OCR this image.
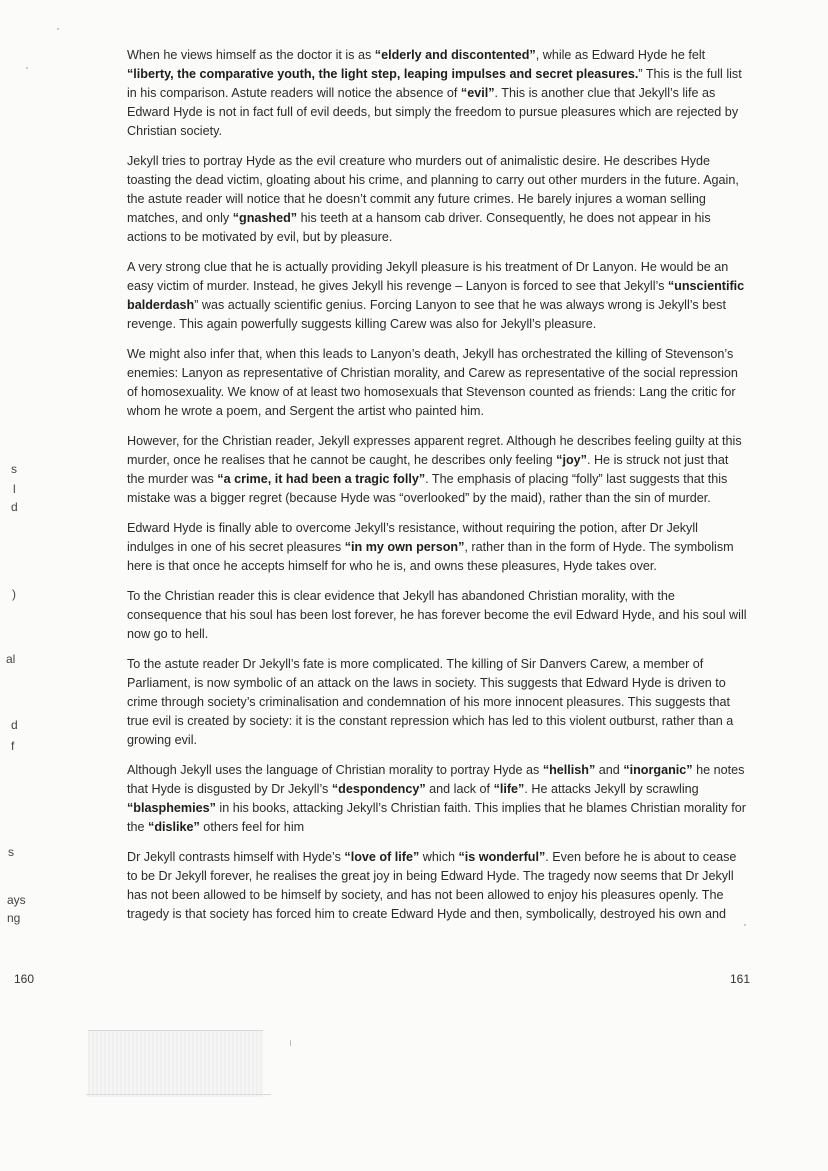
When he views himself as the doctor it is as “elderly and discontented”, while as Edward Hyde he felt “liberty, the comparative youth, the light step, leaping impulses and secret pleasures.” This is the full list in his comparison. Astute readers will notice the absence of “evil”. This is another clue that Jekyll’s life as Edward Hyde is not in fact full of evil deeds, but simply the freedom to pursue pleasures which are rejected by Christian society.

Jekyll tries to portray Hyde as the evil creature who murders out of animalistic desire. He describes Hyde toasting the dead victim, gloating about his crime, and planning to carry out other murders in the future. Again, the astute reader will notice that he doesn’t commit any future crimes. He barely injures a woman selling matches, and only “gnashed” his teeth at a hansom cab driver. Consequently, he does not appear in his actions to be motivated by evil, but by pleasure.

A very strong clue that he is actually providing Jekyll pleasure is his treatment of Dr Lanyon. He would be an easy victim of murder. Instead, he gives Jekyll his revenge – Lanyon is forced to see that Jekyll’s “unscientific balderdash” was actually scientific genius. Forcing Lanyon to see that he was always wrong is Jekyll’s best revenge. This again powerfully suggests killing Carew was also for Jekyll’s pleasure.

We might also infer that, when this leads to Lanyon’s death, Jekyll has orchestrated the killing of Stevenson’s enemies: Lanyon as representative of Christian morality, and Carew as representative of the social repression of homosexuality. We know of at least two homosexuals that Stevenson counted as friends: Lang the critic for whom he wrote a poem, and Sergent the artist who painted him.

However, for the Christian reader, Jekyll expresses apparent regret. Although he describes feeling guilty at this murder, once he realises that he cannot be caught, he describes only feeling “joy”. He is struck not just that the murder was “a crime, it had been a tragic folly”. The emphasis of placing “folly” last suggests that this mistake was a bigger regret (because Hyde was “overlooked” by the maid), rather than the sin of murder.

Edward Hyde is finally able to overcome Jekyll’s resistance, without requiring the potion, after Dr Jekyll indulges in one of his secret pleasures “in my own person”, rather than in the form of Hyde. The symbolism here is that once he accepts himself for who he is, and owns these pleasures, Hyde takes over.

To the Christian reader this is clear evidence that Jekyll has abandoned Christian morality, with the consequence that his soul has been lost forever, he has forever become the evil Edward Hyde, and his soul will now go to hell.

To the astute reader Dr Jekyll’s fate is more complicated. The killing of Sir Danvers Carew, a member of Parliament, is now symbolic of an attack on the laws in society. This suggests that Edward Hyde is driven to crime through society’s criminalisation and condemnation of his more innocent pleasures. This suggests that true evil is created by society: it is the constant repression which has led to this violent outburst, rather than a growing evil.

Although Jekyll uses the language of Christian morality to portray Hyde as “hellish” and “inorganic” he notes that Hyde is disgusted by Dr Jekyll’s “despondency” and lack of “life”. He attacks Jekyll by scrawling “blasphemies” in his books, attacking Jekyll’s Christian faith. This implies that he blames Christian morality for the “dislike” others feel for him

Dr Jekyll contrasts himself with Hyde’s “love of life” which “is wonderful”. Even before he is about to cease to be Dr Jekyll forever, he realises the great joy in being Edward Hyde. The tragedy now seems that Dr Jekyll has not been allowed to be himself by society, and has not been allowed to enjoy his pleasures openly. The tragedy is that society has forced him to create Edward Hyde and then, symbolically, destroyed his own and

s
l
d
)
al
d
f
s
ays
ng
160	161
